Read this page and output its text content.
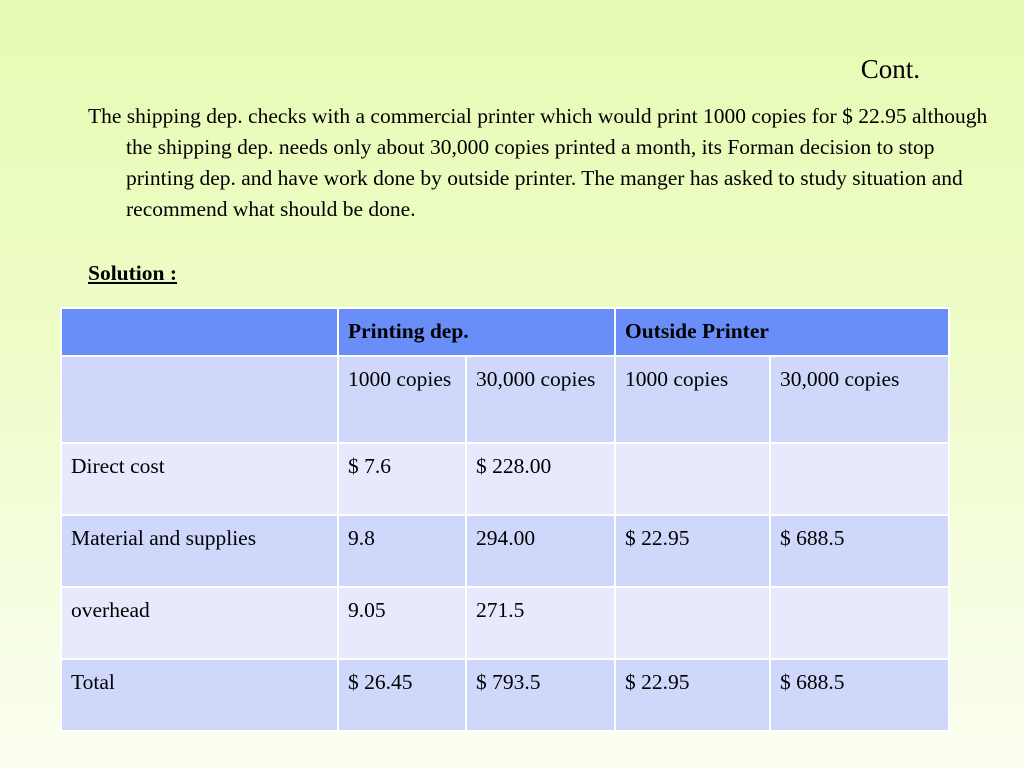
Cont.

The shipping dep. checks with a commercial printer which would print 1000 copies for $ 22.95 although the shipping dep. needs only about 30,000 copies printed a month, its Forman decision to stop printing dep. and have work done by outside printer. The manger has asked to study situation and recommend what should be done.

Solution :

	Printing dep.		Outside Printer	
	1000 copies	30,000 copies	1000 copies	30,000 copies
Direct cost	$ 7.6	$ 228.00		
Material and supplies	9.8	294.00	$ 22.95	$ 688.5
overhead	9.05	271.5		
Total	$ 26.45	$ 793.5	$ 22.95	$ 688.5
